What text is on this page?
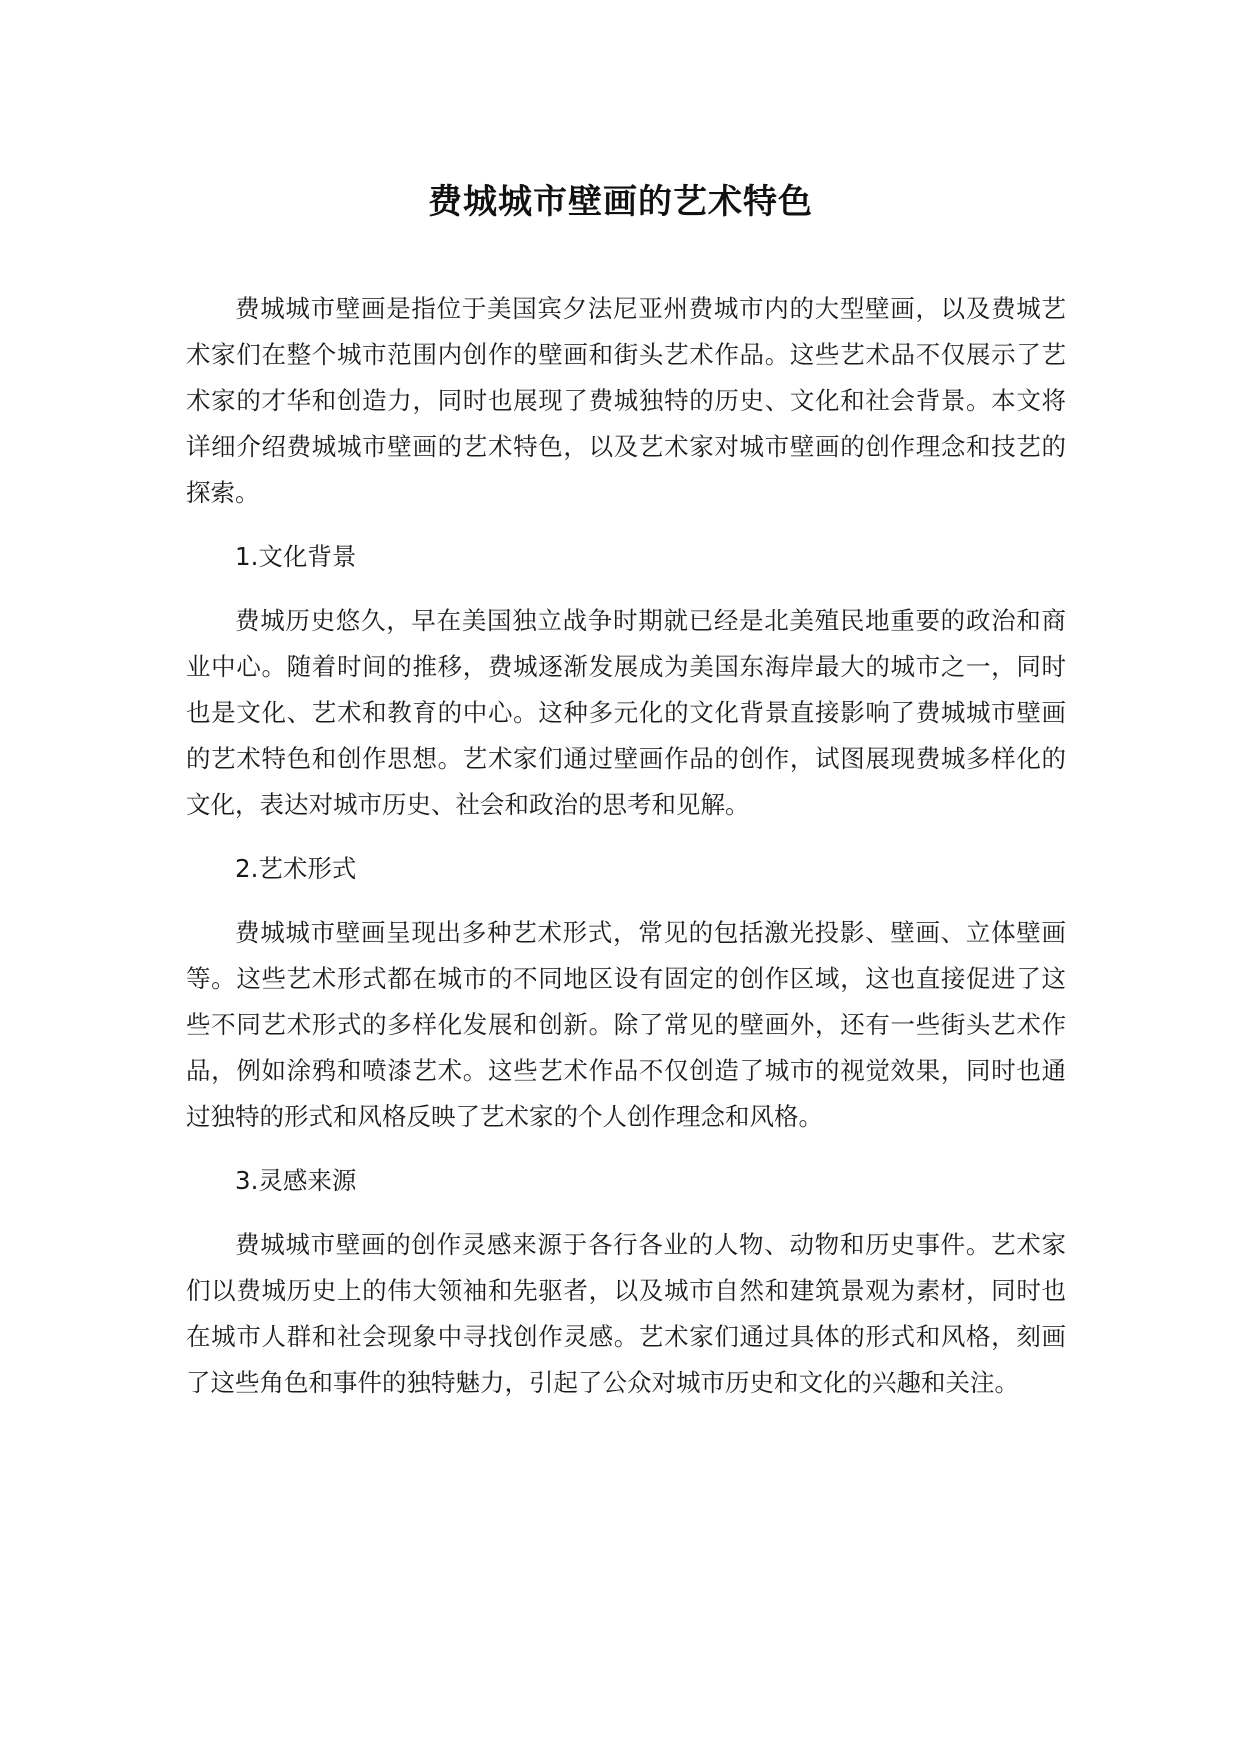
费城城市壁画的艺术特色

费城城市壁画是指位于美国宾夕法尼亚州费城市内的大型壁画，以及费城艺术家们在整个城市范围内创作的壁画和街头艺术作品。这些艺术品不仅展示了艺术家的才华和创造力，同时也展现了费城独特的历史、文化和社会背景。本文将详细介绍费城城市壁画的艺术特色，以及艺术家对城市壁画的创作理念和技艺的探索。

1.文化背景

费城历史悠久，早在美国独立战争时期就已经是北美殖民地重要的政治和商业中心。随着时间的推移，费城逐渐发展成为美国东海岸最大的城市之一，同时也是文化、艺术和教育的中心。这种多元化的文化背景直接影响了费城城市壁画的艺术特色和创作思想。艺术家们通过壁画作品的创作，试图展现费城多样化的文化，表达对城市历史、社会和政治的思考和见解。

2.艺术形式

费城城市壁画呈现出多种艺术形式，常见的包括激光投影、壁画、立体壁画等。这些艺术形式都在城市的不同地区设有固定的创作区域，这也直接促进了这些不同艺术形式的多样化发展和创新。除了常见的壁画外，还有一些街头艺术作品，例如涂鸦和喷漆艺术。这些艺术作品不仅创造了城市的视觉效果，同时也通过独特的形式和风格反映了艺术家的个人创作理念和风格。

3.灵感来源

费城城市壁画的创作灵感来源于各行各业的人物、动物和历史事件。艺术家们以费城历史上的伟大领袖和先驱者，以及城市自然和建筑景观为素材，同时也在城市人群和社会现象中寻找创作灵感。艺术家们通过具体的形式和风格，刻画了这些角色和事件的独特魅力，引起了公众对城市历史和文化的兴趣和关注。
